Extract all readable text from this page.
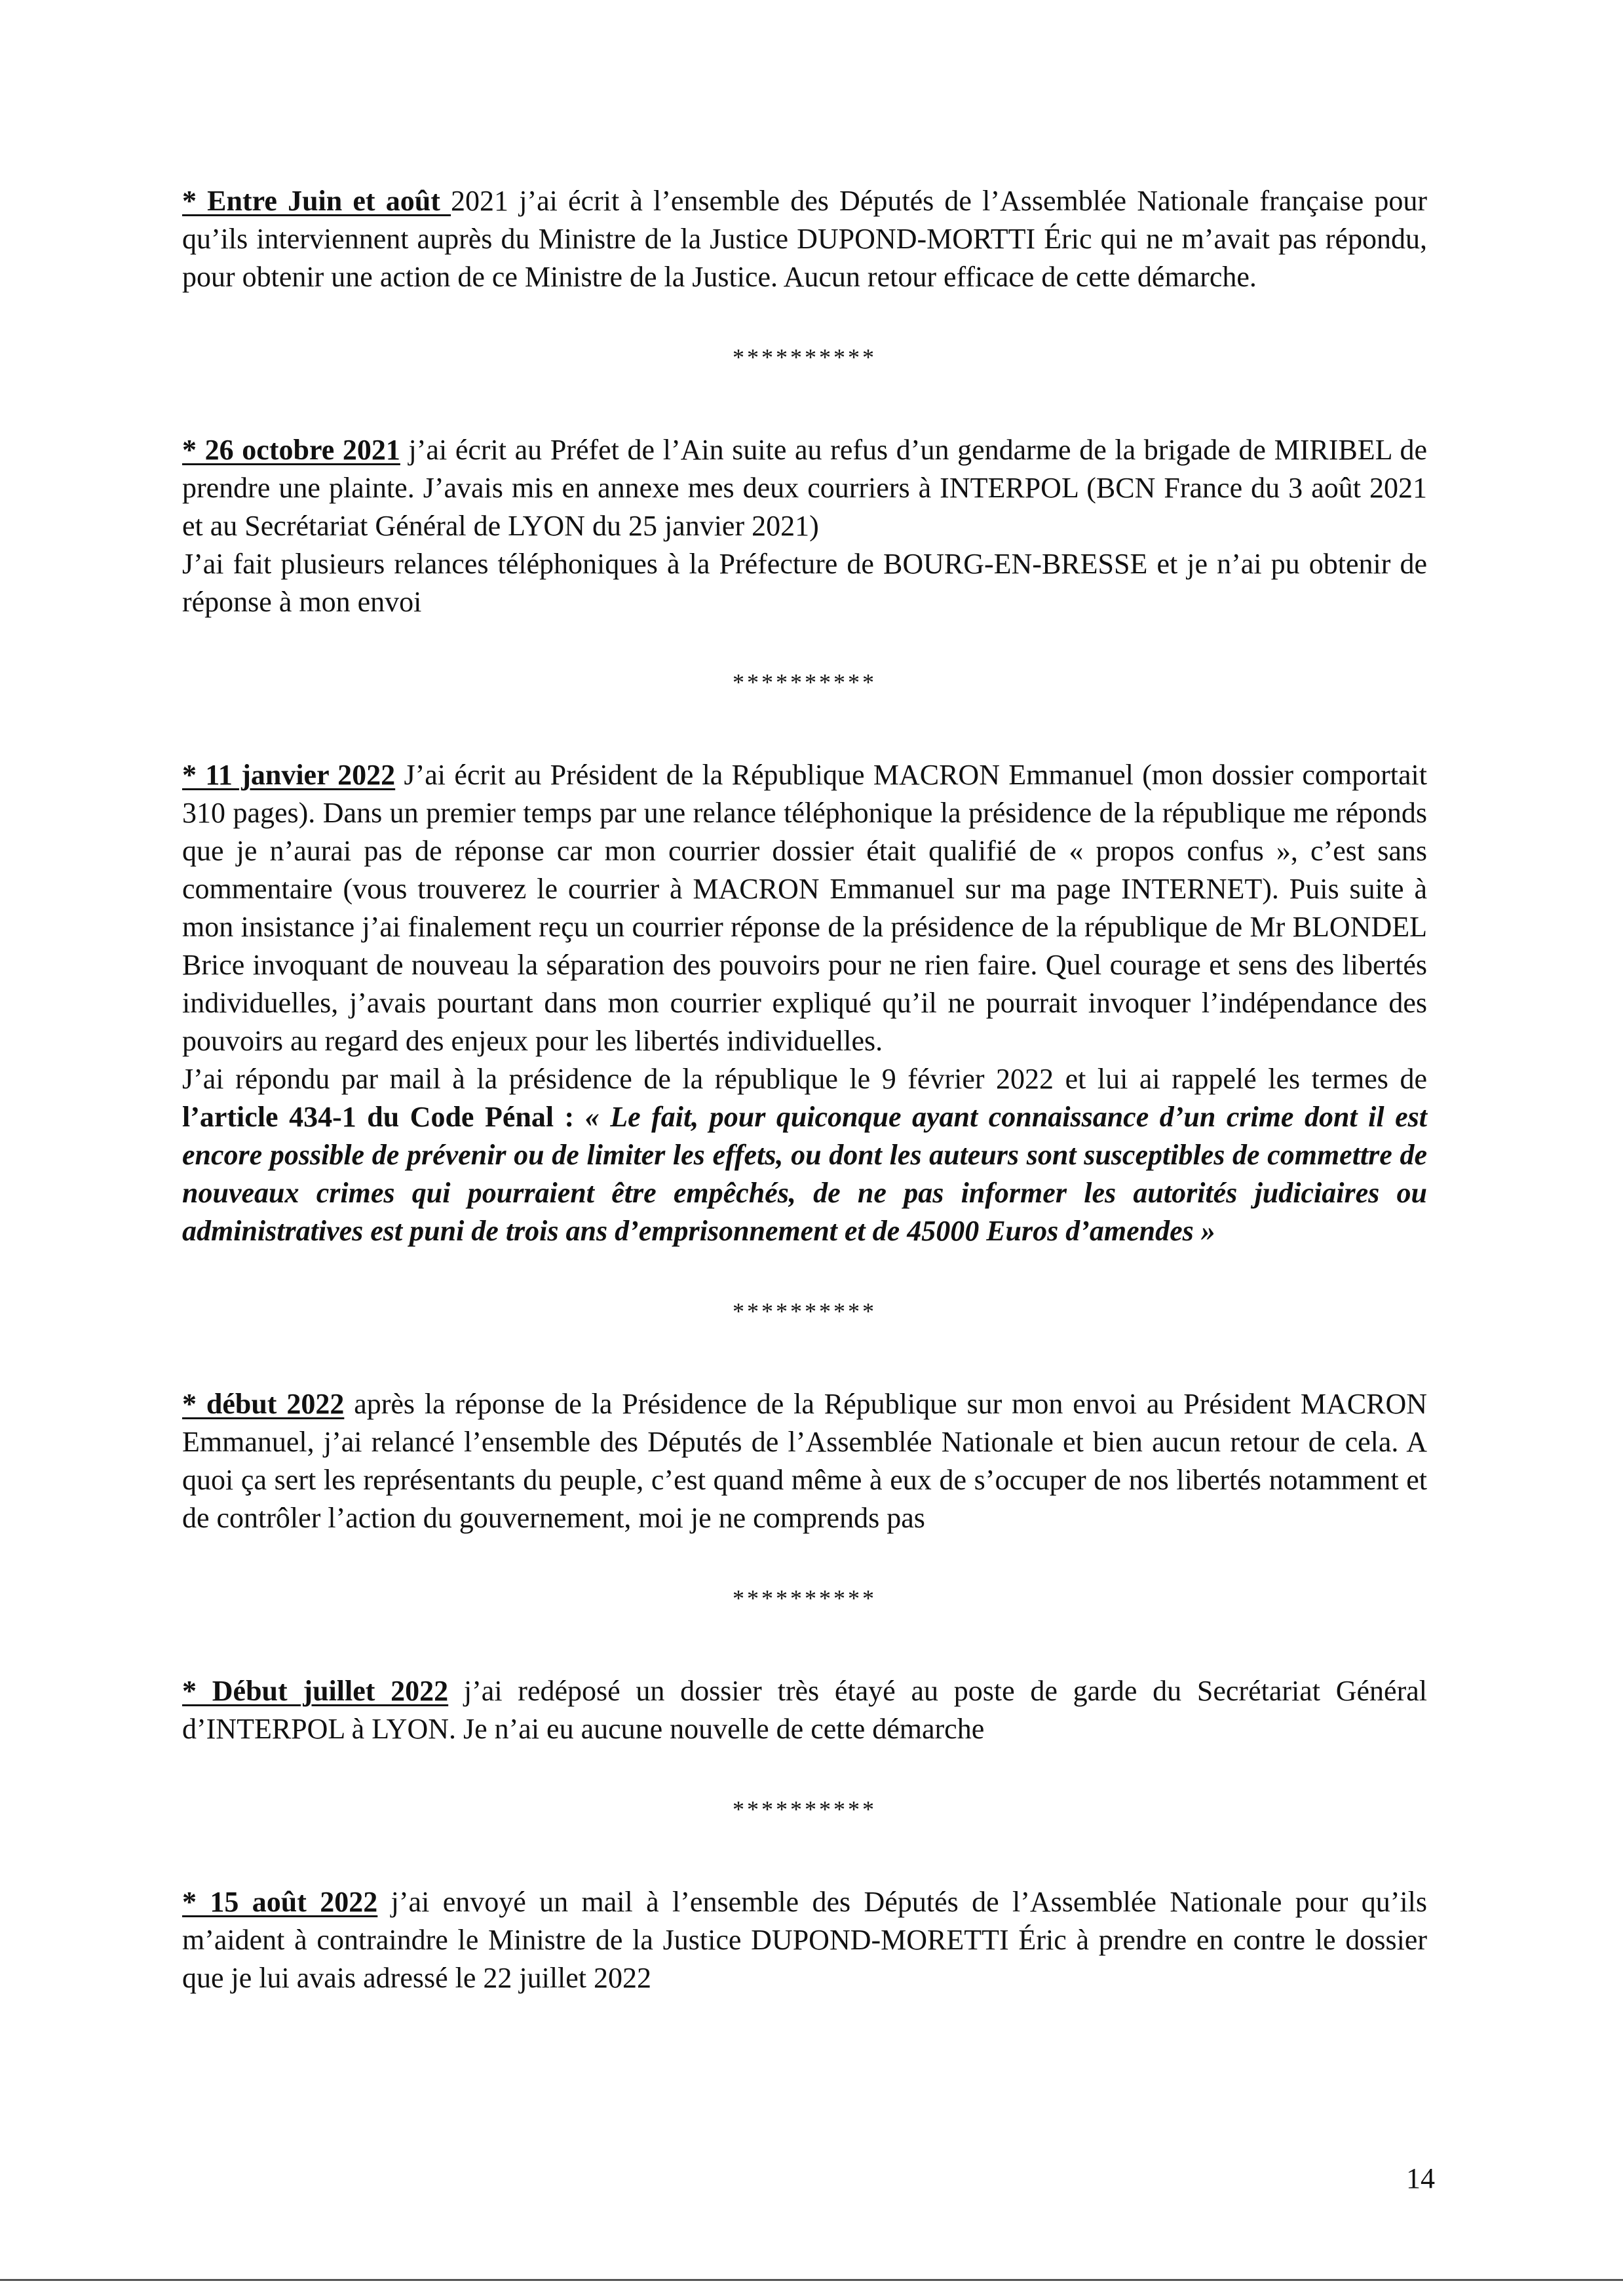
* Entre Juin et août 2021 j’ai écrit à l’ensemble des Députés de l’Assemblée Nationale française pour qu’ils interviennent auprès du Ministre de la Justice DUPOND-MORTTI Éric qui ne m’avait pas répondu, pour obtenir une action de ce Ministre de la Justice. Aucun retour efficace de cette démarche.

**********

* 26 octobre 2021 j’ai écrit au Préfet de l’Ain suite au refus d’un gendarme de la brigade de MIRIBEL de prendre une plainte. J’avais mis en annexe mes deux courriers à INTERPOL (BCN France du 3 août 2021 et au Secrétariat Général de LYON du 25 janvier 2021)

J’ai fait plusieurs relances téléphoniques à la Préfecture de BOURG-EN-BRESSE et je n’ai pu obtenir de réponse à mon envoi

**********

* 11 janvier 2022 J’ai écrit au Président de la République MACRON Emmanuel (mon dossier comportait 310 pages). Dans un premier temps par une relance téléphonique la présidence de la république me réponds que je n’aurai pas de réponse car mon courrier dossier était qualifié de « propos confus », c’est sans commentaire (vous trouverez le courrier à MACRON Emmanuel sur ma page INTERNET). Puis suite à mon insistance j’ai finalement reçu un courrier réponse de la présidence de la république de Mr BLONDEL Brice invoquant de nouveau la séparation des pouvoirs pour ne rien faire. Quel courage et sens des libertés individuelles, j’avais pourtant dans mon courrier expliqué qu’il ne pourrait invoquer l’indépendance des pouvoirs au regard des enjeux pour les libertés individuelles.

J’ai répondu par mail à la présidence de la république le 9 février 2022 et lui ai rappelé les termes de l’article 434-1 du Code Pénal : « Le fait, pour quiconque ayant connaissance d’un crime dont il est encore possible de prévenir ou de limiter les effets, ou dont les auteurs sont susceptibles de commettre de nouveaux crimes qui pourraient être empêchés, de ne pas informer les autorités judiciaires ou administratives est puni de trois ans d’emprisonnement et de 45000 Euros d’amendes »

**********

* début 2022 après la réponse de la Présidence de la République sur mon envoi au Président MACRON Emmanuel, j’ai relancé l’ensemble des Députés de l’Assemblée Nationale et bien aucun retour de cela. A quoi ça sert les représentants du peuple, c’est quand même à eux de s’occuper de nos libertés notamment et de contrôler l’action du gouvernement, moi je ne comprends pas

**********

* Début juillet 2022 j’ai redéposé un dossier très étayé au poste de garde du Secrétariat Général d’INTERPOL à LYON. Je n’ai eu aucune nouvelle de cette démarche

**********

* 15 août 2022 j’ai envoyé un mail à l’ensemble des Députés de l’Assemblée Nationale pour qu’ils m’aident à contraindre le Ministre de la Justice DUPOND-MORETTI Éric à prendre en contre le dossier que je lui avais adressé le 22 juillet 2022

14
